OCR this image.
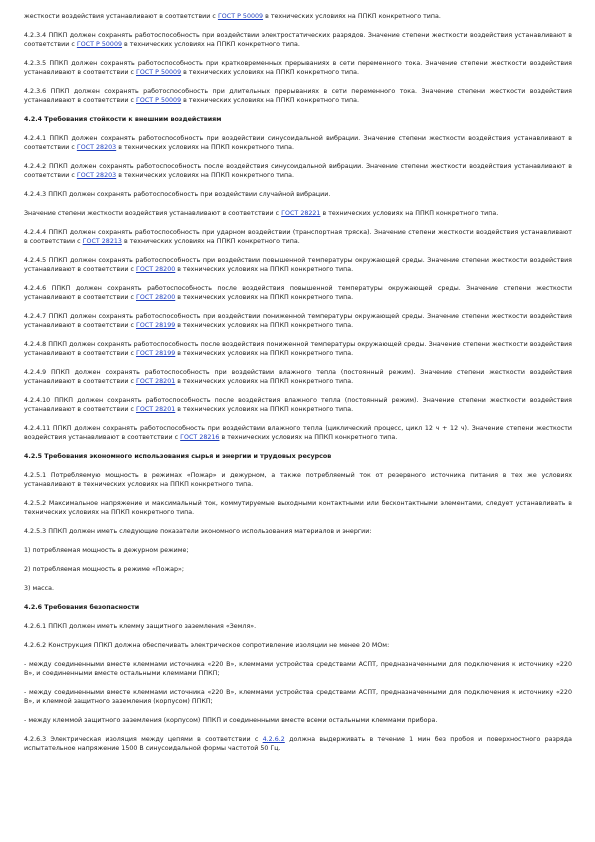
жесткости воздействия устанавливают в соответствии с ГОСТ Р 50009 в технических условиях на ППКП конкретного типа.

4.2.3.4 ППКП должен сохранять работоспособность при воздействии электростатических разрядов. Значение степени жесткости воздействия устанавливают в соответствии с ГОСТ Р 50009 в технических условиях на ППКП конкретного типа.

4.2.3.5 ППКП должен сохранять работоспособность при кратковременных прерываниях в сети переменного тока. Значение степени жесткости воздействия устанавливают в соответствии с ГОСТ Р 50009 в технических условиях на ППКП конкретного типа.

4.2.3.6 ППКП должен сохранять работоспособность при длительных прерываниях в сети переменного тока. Значение степени жесткости воздействия устанавливают в соответствии с ГОСТ Р 50009 в технических условиях на ППКП конкретного типа.

4.2.4 Требования стойкости к внешним воздействиям

4.2.4.1 ППКП должен сохранять работоспособность при воздействии синусоидальной вибрации. Значение степени жесткости воздействия устанавливают в соответствии с ГОСТ 28203 в технических условиях на ППКП конкретного типа.

4.2.4.2 ППКП должен сохранять работоспособность после воздействия синусоидальной вибрации. Значение степени жесткости воздействия устанавливают в соответствии с ГОСТ 28203 в технических условиях на ППКП конкретного типа.

4.2.4.3 ППКП должен сохранять работоспособность при воздействии случайной вибрации.

Значение степени жесткости воздействия устанавливают в соответствии с ГОСТ 28221 в технических условиях на ППКП конкретного типа.

4.2.4.4 ППКП должен сохранять работоспособность при ударном воздействии (транспортная тряска). Значение степени жесткости воздействия устанавливают в соответствии с ГОСТ 28213 в технических условиях на ППКП конкретного типа.

4.2.4.5 ППКП должен сохранять работоспособность при воздействии повышенной температуры окружающей среды. Значение степени жесткости воздействия устанавливают в соответствии с ГОСТ 28200 в технических условиях на ППКП конкретного типа.

4.2.4.6 ППКП должен сохранять работоспособность после воздействия повышенной температуры окружающей среды. Значение степени жесткости устанавливают в соответствии с ГОСТ 28200 в технических условиях на ППКП конкретного типа.

4.2.4.7 ППКП должен сохранять работоспособность при воздействии пониженной температуры окружающей среды. Значение степени жесткости воздействия устанавливают в соответствии с ГОСТ 28199 в технических условиях на ППКП конкретного типа.

4.2.4.8 ППКП должен сохранять работоспособность после воздействия пониженной температуры окружающей среды. Значение степени жесткости воздействия устанавливают в соответствии с ГОСТ 28199 в технических условиях на ППКП конкретного типа.

4.2.4.9 ППКП должен сохранять работоспособность при воздействии влажного тепла (постоянный режим). Значение степени жесткости воздействия устанавливают в соответствии с ГОСТ 28201 в технических условиях на ППКП конкретного типа.

4.2.4.10 ППКП должен сохранять работоспособность после воздействия влажного тепла (постоянный режим). Значение степени жесткости воздействия устанавливают в соответствии с ГОСТ 28201 в технических условиях на ППКП конкретного типа.

4.2.4.11 ППКП должен сохранять работоспособность при воздействии влажного тепла (циклический процесс, цикл 12 ч + 12 ч). Значение степени жесткости воздействия устанавливают в соответствии с ГОСТ 28216 в технических условиях на ППКП конкретного типа.

4.2.5 Требования экономного использования сырья и энергии и трудовых ресурсов

4.2.5.1 Потребляемую мощность в режимах «Пожар» и дежурном, а также потребляемый ток от резервного источника питания в тех же условиях устанавливают в технических условиях на ППКП конкретного типа.

4.2.5.2 Максимальное напряжение и максимальный ток, коммутируемые выходными контактными или бесконтактными элементами, следует устанавливать в технических условиях на ППКП конкретного типа.

4.2.5.3 ППКП должен иметь следующие показатели экономного использования материалов и энергии:

1) потребляемая мощность в дежурном режиме;

2) потребляемая мощность в режиме «Пожар»;

3) масса.

4.2.6 Требования безопасности

4.2.6.1 ППКП должен иметь клемму защитного заземления «Земля».

4.2.6.2 Конструкция ППКП должна обеспечивать электрическое сопротивление изоляции не менее 20 МОм:

- между соединенными вместе клеммами источника «220 В», клеммами устройства средствами АСПТ, предназначенными для подключения к источнику «220 В», и соединенными вместе остальными клеммами ППКП;

- между соединенными вместе клеммами источника «220 В», клеммами устройства средствами АСПТ, предназначенными для подключения к источнику «220 В», и клеммой защитного заземления (корпусом) ППКП;

- между клеммой защитного заземления (корпусом) ППКП и соединенными вместе всеми остальными клеммами прибора.

4.2.6.3 Электрическая изоляция между цепями в соответствии с 4.2.6.2 должна выдерживать в течение 1 мин без пробоя и поверхностного разряда испытательное напряжение 1500 В синусоидальной формы частотой 50 Гц.
